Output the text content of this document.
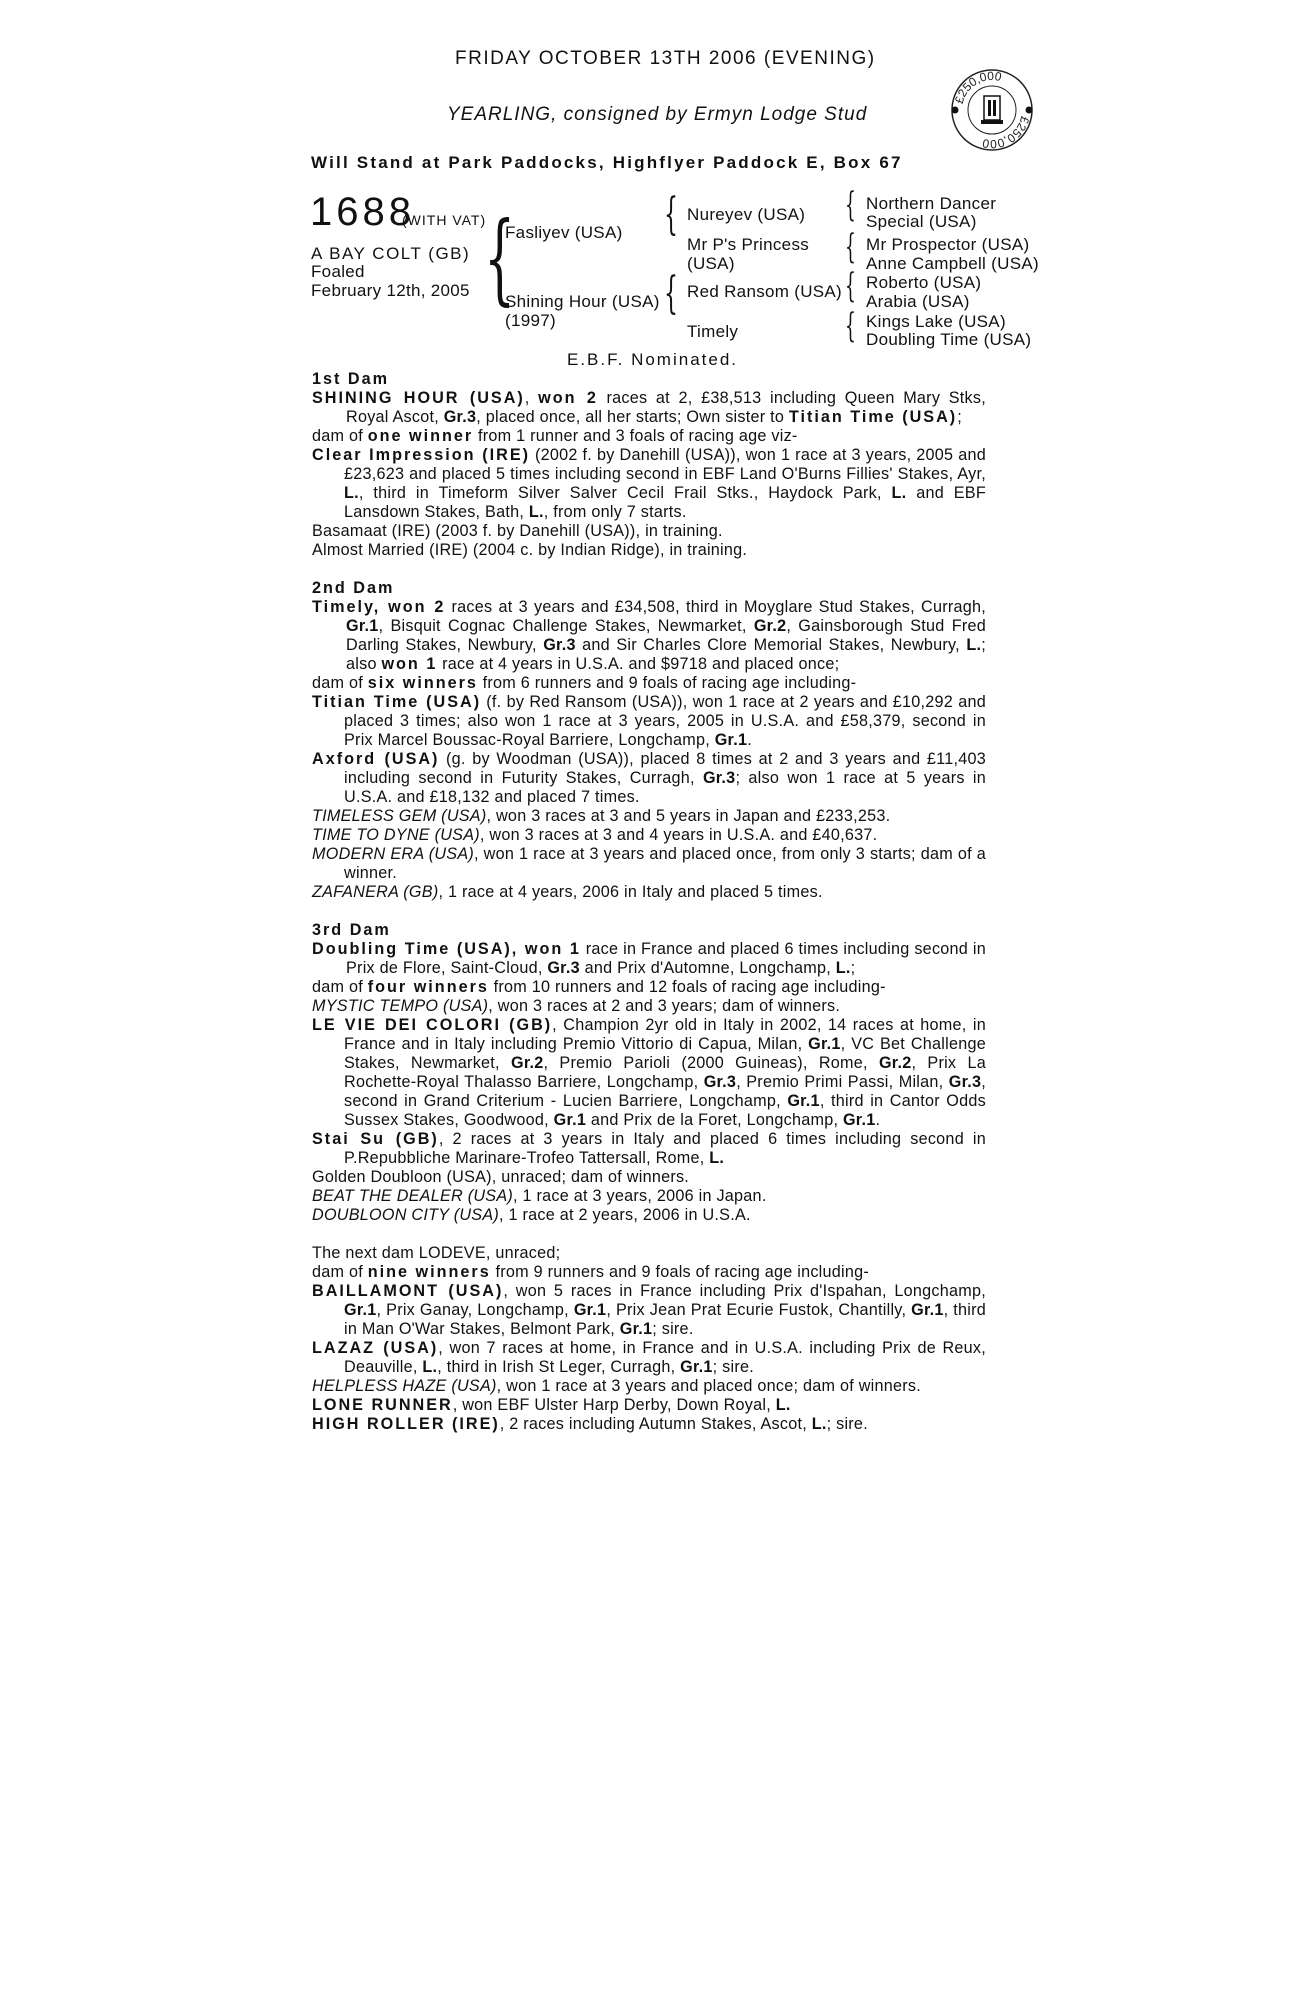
FRIDAY OCTOBER 13TH 2006 (EVENING)
YEARLING, consigned by Ermyn Lodge Stud
Will Stand at Park Paddocks, Highflyer Paddock E, Box 67
£250,000
£250,000
1688
(WITH VAT)
A BAY COLT (GB)
Foaled
February 12th, 2005 {	{
{
{
{
{
{
Fasliyev (USA)
Shining Hour (USA)
(1997)
Nureyev (USA)
Mr P's Princess
(USA)
Red Ransom (USA)
Timely
Northern Dancer
Special (USA)
Mr Prospector (USA)
Anne Campbell (USA)
Roberto (USA)
Arabia (USA)
Kings Lake (USA)
Doubling Time (USA)
E.B.F. Nominated.

1st Dam

SHINING HOUR (USA), won 2 races at 2, £38,513 including Queen Mary Stks, Royal Ascot, Gr.3, placed once, all her starts; Own sister to Titian Time (USA);

dam of one winner from 1 runner and 3 foals of racing age viz-

Clear Impression (IRE) (2002 f. by Danehill (USA)), won 1 race at 3 years, 2005 and £23,623 and placed 5 times including second in EBF Land O'Burns Fillies' Stakes, Ayr, L., third in Timeform Silver Salver Cecil Frail Stks., Haydock Park, L. and EBF Lansdown Stakes, Bath, L., from only 7 starts.

Basamaat (IRE) (2003 f. by Danehill (USA)), in training.

Almost Married (IRE) (2004 c. by Indian Ridge), in training.

2nd Dam

Timely, won 2 races at 3 years and £34,508, third in Moyglare Stud Stakes, Curragh, Gr.1, Bisquit Cognac Challenge Stakes, Newmarket, Gr.2, Gainsborough Stud Fred Darling Stakes, Newbury, Gr.3 and Sir Charles Clore Memorial Stakes, Newbury, L.; also won 1 race at 4 years in U.S.A. and $9718 and placed once;

dam of six winners from 6 runners and 9 foals of racing age including-

Titian Time (USA) (f. by Red Ransom (USA)), won 1 race at 2 years and £10,292 and placed 3 times; also won 1 race at 3 years, 2005 in U.S.A. and £58,379, second in Prix Marcel Boussac-Royal Barriere, Longchamp, Gr.1.

Axford (USA) (g. by Woodman (USA)), placed 8 times at 2 and 3 years and £11,403 including second in Futurity Stakes, Curragh, Gr.3; also won 1 race at 5 years in U.S.A. and £18,132 and placed 7 times.

TIMELESS GEM (USA), won 3 races at 3 and 5 years in Japan and £233,253.

TIME TO DYNE (USA), won 3 races at 3 and 4 years in U.S.A. and £40,637.

MODERN ERA (USA), won 1 race at 3 years and placed once, from only 3 starts; dam of a winner.

ZAFANERA (GB), 1 race at 4 years, 2006 in Italy and placed 5 times.

3rd Dam

Doubling Time (USA), won 1 race in France and placed 6 times including second in Prix de Flore, Saint-Cloud, Gr.3 and Prix d'Automne, Longchamp, L.;

dam of four winners from 10 runners and 12 foals of racing age including-

MYSTIC TEMPO (USA), won 3 races at 2 and 3 years; dam of winners.

LE VIE DEI COLORI (GB), Champion 2yr old in Italy in 2002, 14 races at home, in France and in Italy including Premio Vittorio di Capua, Milan, Gr.1, VC Bet Challenge Stakes, Newmarket, Gr.2, Premio Parioli (2000 Guineas), Rome, Gr.2, Prix La Rochette-Royal Thalasso Barriere, Longchamp, Gr.3, Premio Primi Passi, Milan, Gr.3, second in Grand Criterium - Lucien Barriere, Longchamp, Gr.1, third in Cantor Odds Sussex Stakes, Goodwood, Gr.1 and Prix de la Foret, Longchamp, Gr.1.

Stai Su (GB), 2 races at 3 years in Italy and placed 6 times including second in P.Repubbliche Marinare-Trofeo Tattersall, Rome, L.

Golden Doubloon (USA), unraced; dam of winners.

BEAT THE DEALER (USA), 1 race at 3 years, 2006 in Japan.

DOUBLOON CITY (USA), 1 race at 2 years, 2006 in U.S.A.

The next dam LODEVE, unraced;

dam of nine winners from 9 runners and 9 foals of racing age including-

BAILLAMONT (USA), won 5 races in France including Prix d'Ispahan, Longchamp, Gr.1, Prix Ganay, Longchamp, Gr.1, Prix Jean Prat Ecurie Fustok, Chantilly, Gr.1, third in Man O'War Stakes, Belmont Park, Gr.1; sire.

LAZAZ (USA), won 7 races at home, in France and in U.S.A. including Prix de Reux, Deauville, L., third in Irish St Leger, Curragh, Gr.1; sire.

HELPLESS HAZE (USA), won 1 race at 3 years and placed once; dam of winners.

LONE RUNNER, won EBF Ulster Harp Derby, Down Royal, L.

HIGH ROLLER (IRE), 2 races including Autumn Stakes, Ascot, L.; sire.
